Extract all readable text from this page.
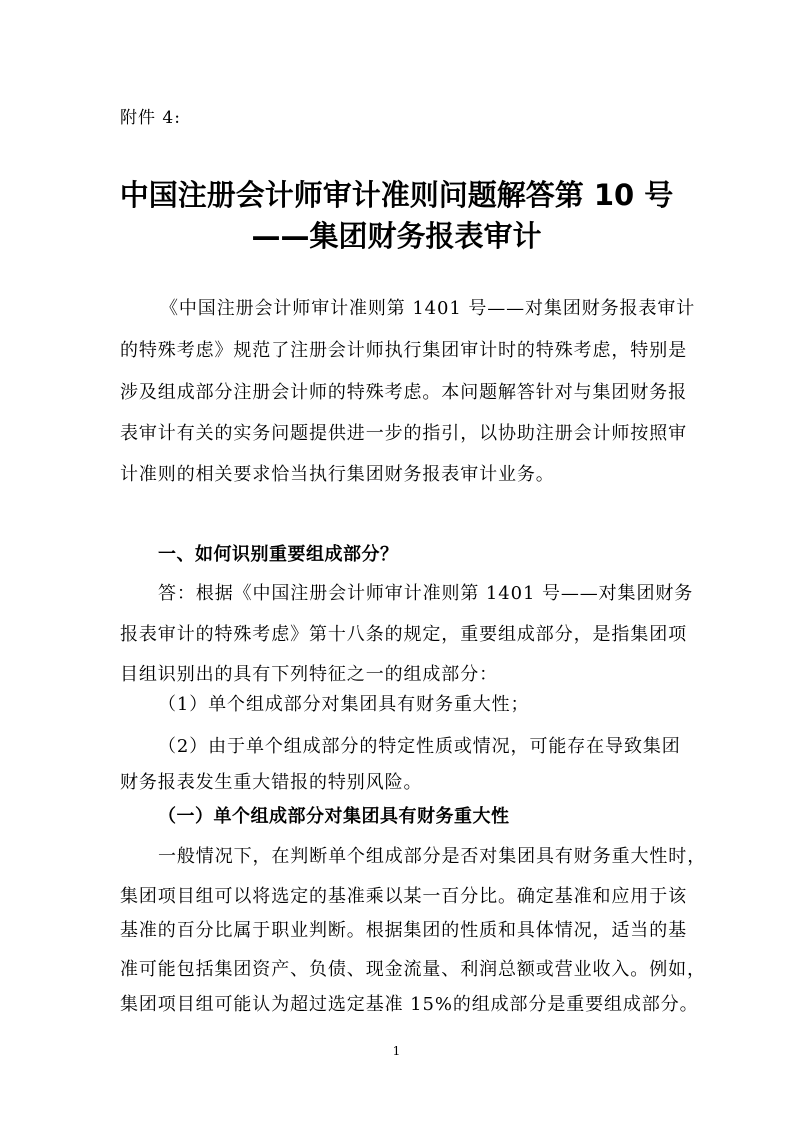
附件 4:
中国注册会计师审计准则问题解答第 10 号
——集团财务报表审计

《中国注册会计师审计准则第 1401 号——对集团财务报表审计

的特殊考虑》规范了注册会计师执行集团审计时的特殊考虑，特别是

涉及组成部分注册会计师的特殊考虑。本问题解答针对与集团财务报

表审计有关的实务问题提供进一步的指引，以协助注册会计师按照审

计准则的相关要求恰当执行集团财务报表审计业务。

一、如何识别重要组成部分？

答：根据《中国注册会计师审计准则第 1401 号——对集团财务

报表审计的特殊考虑》第十八条的规定，重要组成部分，是指集团项

目组识别出的具有下列特征之一的组成部分：

（1）单个组成部分对集团具有财务重大性；

（2）由于单个组成部分的特定性质或情况，可能存在导致集团

财务报表发生重大错报的特别风险。

（一）单个组成部分对集团具有财务重大性

一般情况下，在判断单个组成部分是否对集团具有财务重大性时，

集团项目组可以将选定的基准乘以某一百分比。确定基准和应用于该

基准的百分比属于职业判断。根据集团的性质和具体情况，适当的基

准可能包括集团资产、负债、现金流量、利润总额或营业收入。例如，

集团项目组可能认为超过选定基准 15%的组成部分是重要组成部分。

1
